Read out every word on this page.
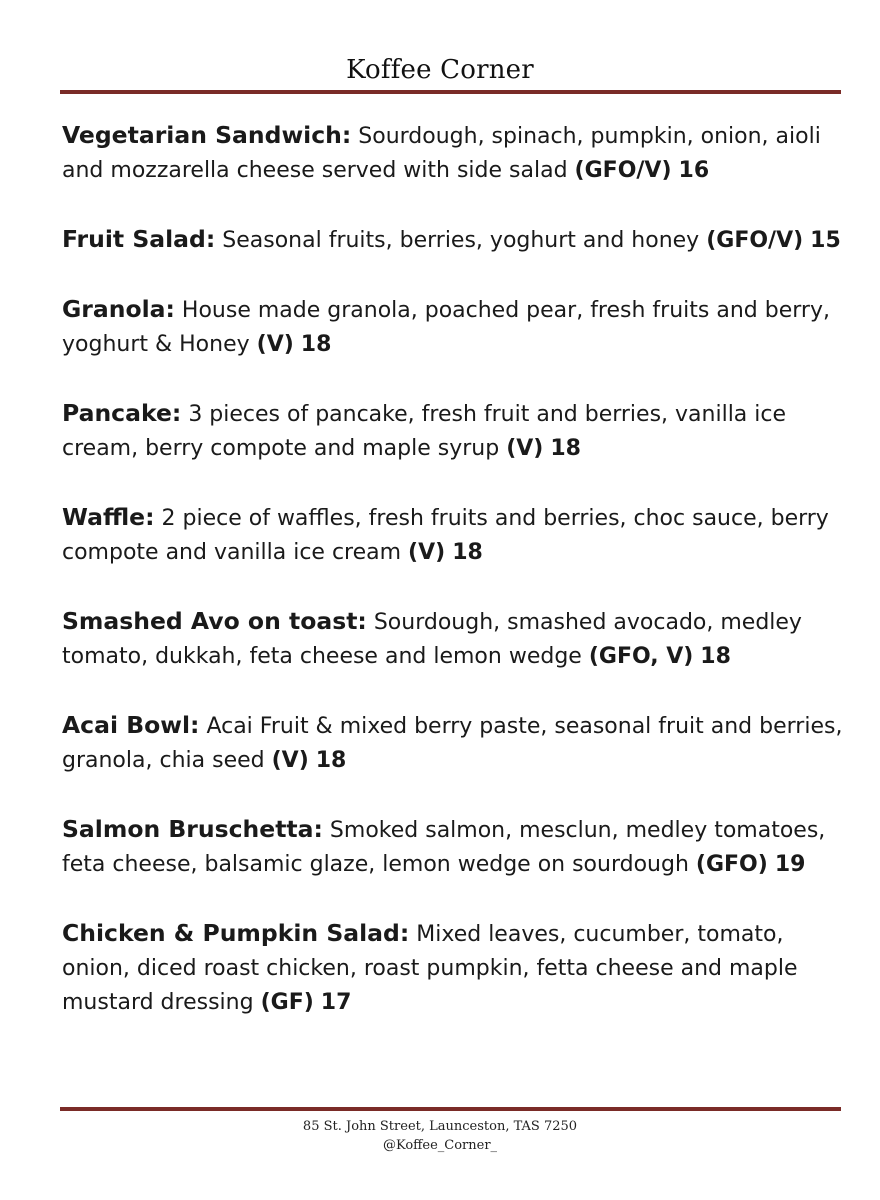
Koffee Corner

Vegetarian Sandwich: Sourdough, spinach, pumpkin, onion, aioli and mozzarella cheese served with side salad (GFO/V) 16

Fruit Salad: Seasonal fruits, berries, yoghurt and honey (GFO/V) 15

Granola: House made granola, poached pear, fresh fruits and berry, yoghurt & Honey (V) 18

Pancake: 3 pieces of pancake, fresh fruit and berries, vanilla ice cream, berry compote and maple syrup (V) 18

Waffle: 2 piece of waffles, fresh fruits and berries, choc sauce, berry compote and vanilla ice cream (V) 18

Smashed Avo on toast: Sourdough, smashed avocado, medley tomato, dukkah, feta cheese and lemon wedge (GFO, V) 18

Acai Bowl: Acai Fruit & mixed berry paste, seasonal fruit and berries, granola, chia seed (V) 18

Salmon Bruschetta: Smoked salmon, mesclun, medley tomatoes, feta cheese, balsamic glaze, lemon wedge on sourdough (GFO) 19

Chicken & Pumpkin Salad: Mixed leaves, cucumber, tomato, onion, diced roast chicken, roast pumpkin, fetta cheese and maple mustard dressing (GF) 17

85 St. John Street, Launceston, TAS 7250
@Koffee_Corner_
